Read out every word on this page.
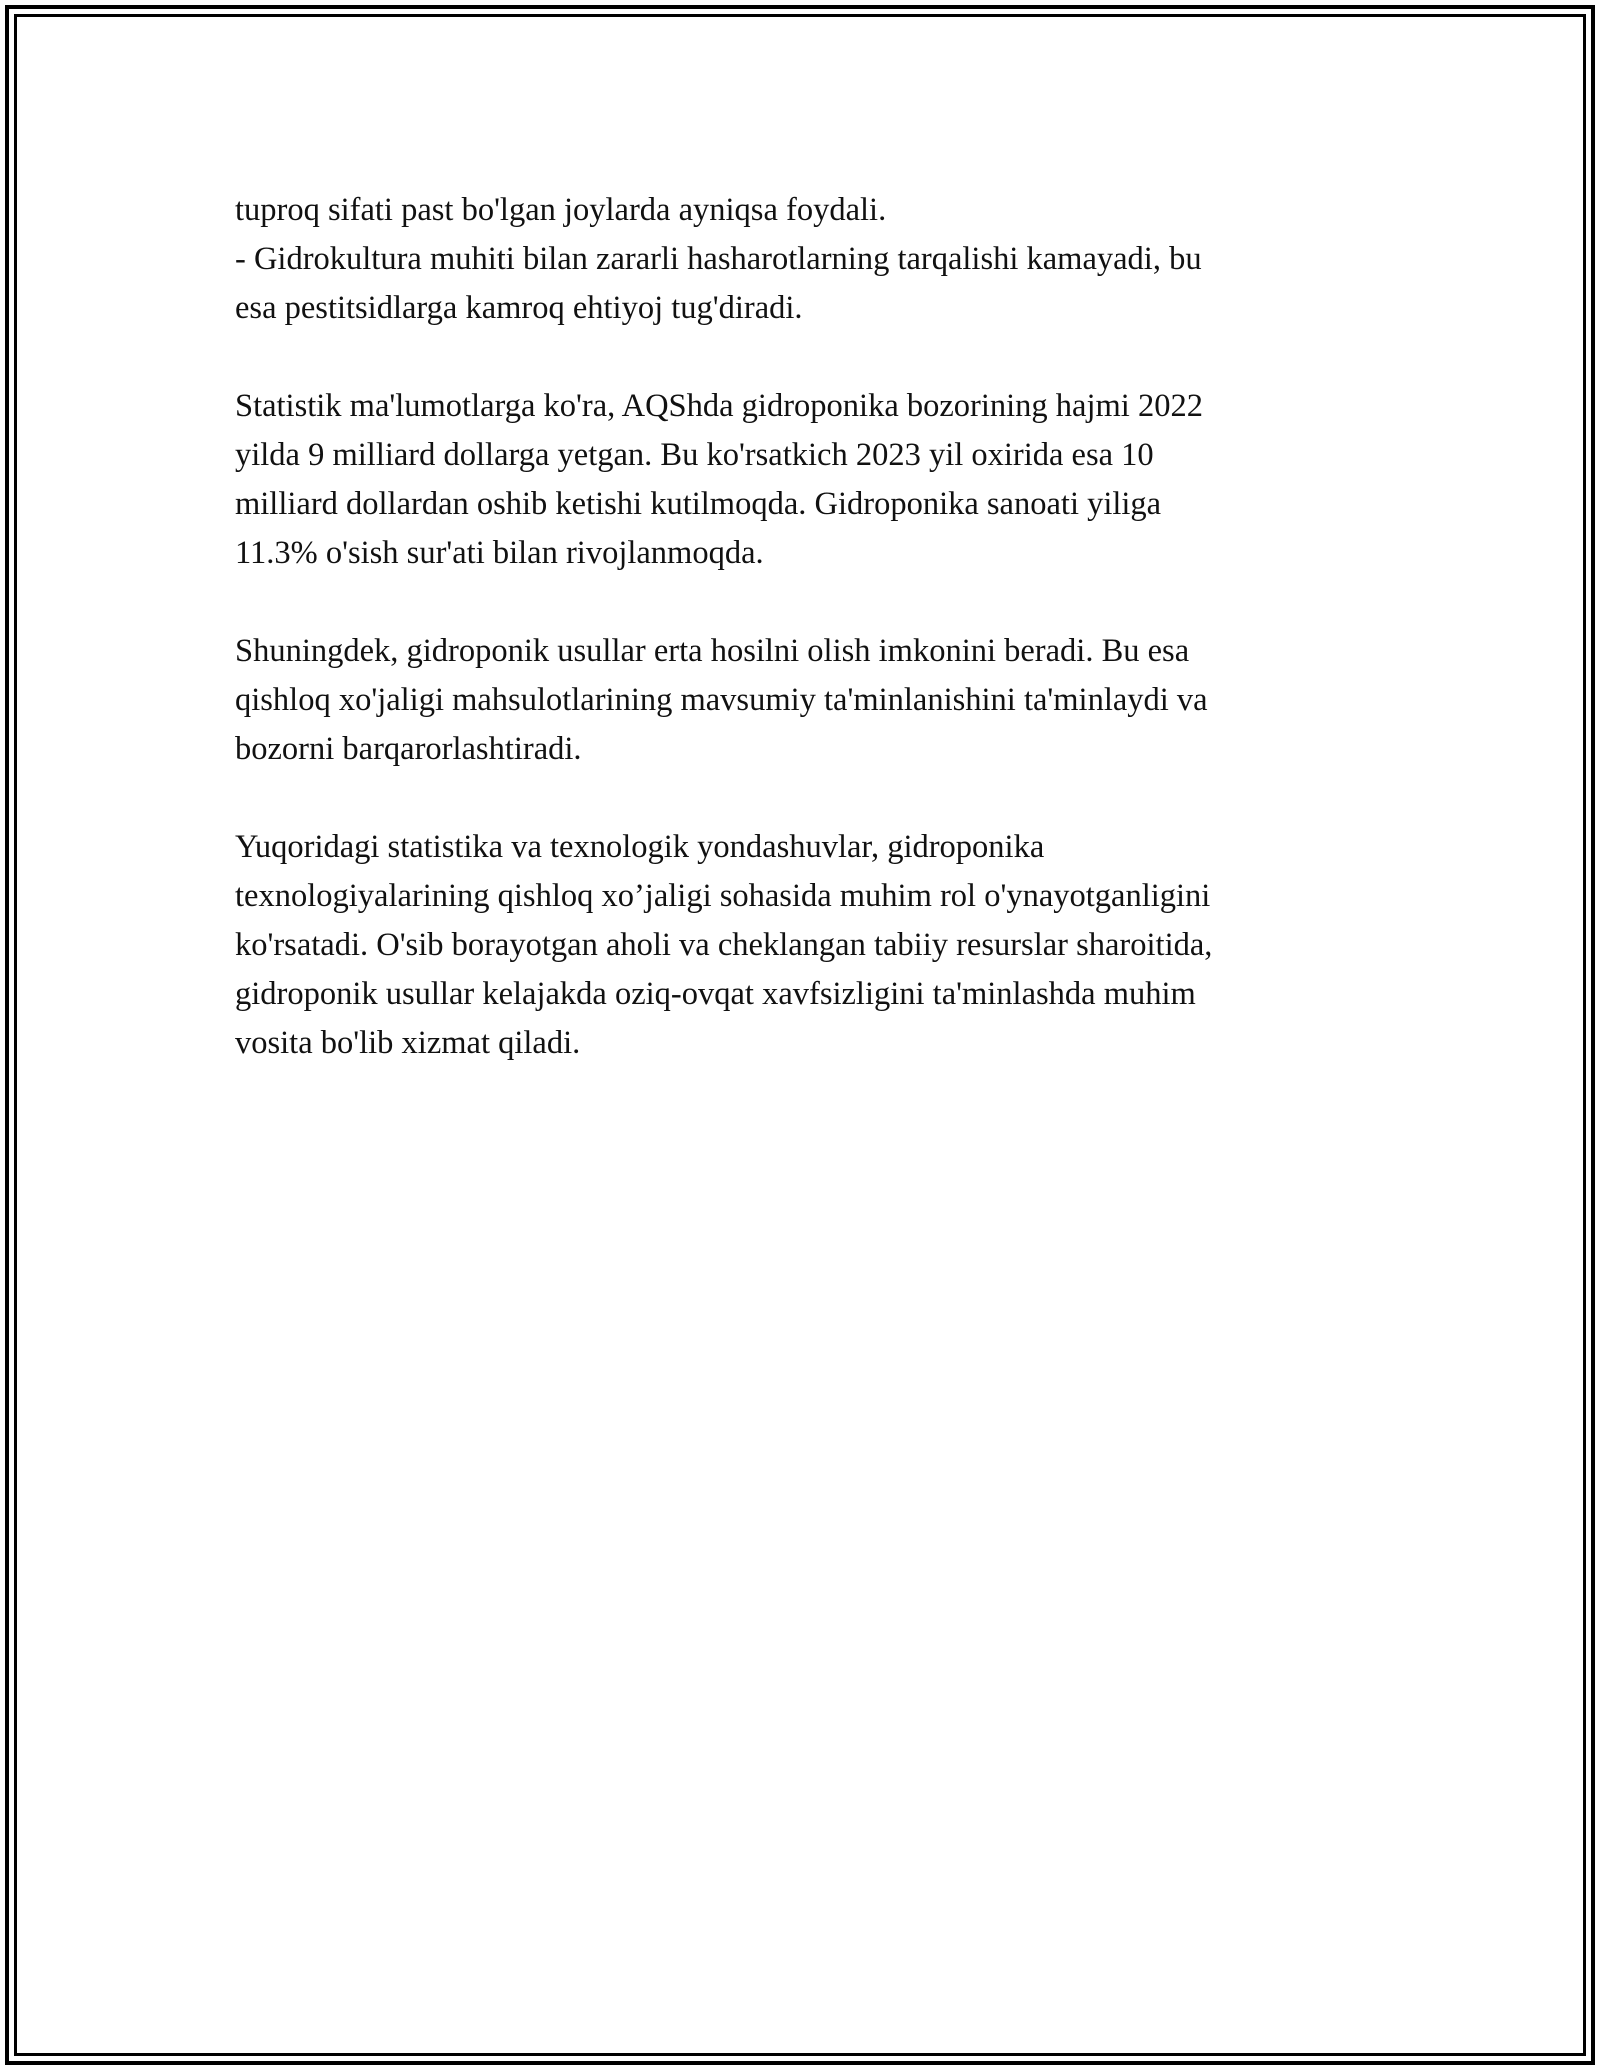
tuproq sifati past bo'lgan joylarda ayniqsa foydali.
- Gidrokultura muhiti bilan zararli hasharotlarning tarqalishi kamayadi, bu
esa pestitsidlarga kamroq ehtiyoj tug'diradi.

Statistik ma'lumotlarga ko'ra, AQShda gidroponika bozorining hajmi 2022
yilda 9 milliard dollarga yetgan. Bu ko'rsatkich 2023 yil oxirida esa 10
milliard dollardan oshib ketishi kutilmoqda. Gidroponika sanoati yiliga
11.3% o'sish sur'ati bilan rivojlanmoqda.

Shuningdek, gidroponik usullar erta hosilni olish imkonini beradi. Bu esa
qishloq xo'jaligi mahsulotlarining mavsumiy ta'minlanishini ta'minlaydi va
bozorni barqarorlashtiradi.

Yuqoridagi statistika va texnologik yondashuvlar, gidroponika
texnologiyalarining qishloq xo’jaligi sohasida muhim rol o'ynayotganligini
ko'rsatadi. O'sib borayotgan aholi va cheklangan tabiiy resurslar sharoitida,
gidroponik usullar kelajakda oziq-ovqat xavfsizligini ta'minlashda muhim
vosita bo'lib xizmat qiladi.
